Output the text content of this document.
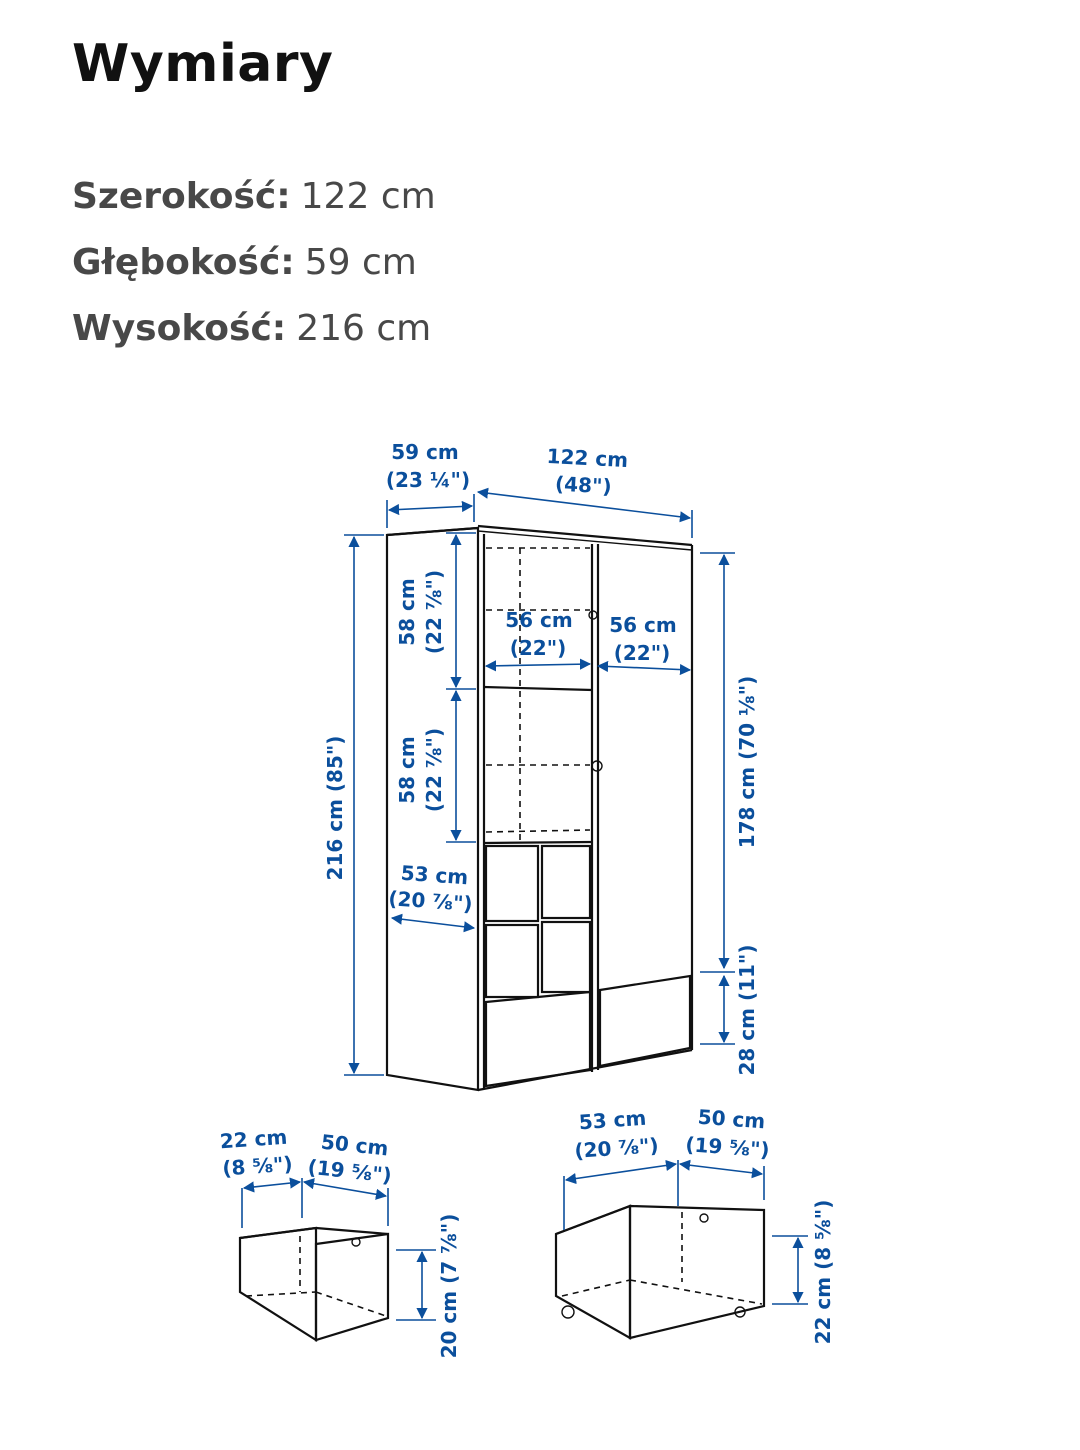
Wymiary
Szerokość: 122 cm
Głębokość: 59 cm
Wysokość: 216 cm
59 cm
(23 ¼")
122 cm
(48")
216 cm (85")
58 cm (22 ⅞")
58 cm (22 ⅞")
56 cm
(22")
56 cm
(22")
53 cm
(20 ⅞")
178 cm (70 ⅛")
28 cm (11")
22 cm
(8 ⅝")
50 cm
(19 ⅝")
20 cm (7 ⅞")
53 cm
(20 ⅞")
50 cm
(19 ⅝")
22 cm (8 ⅝")
